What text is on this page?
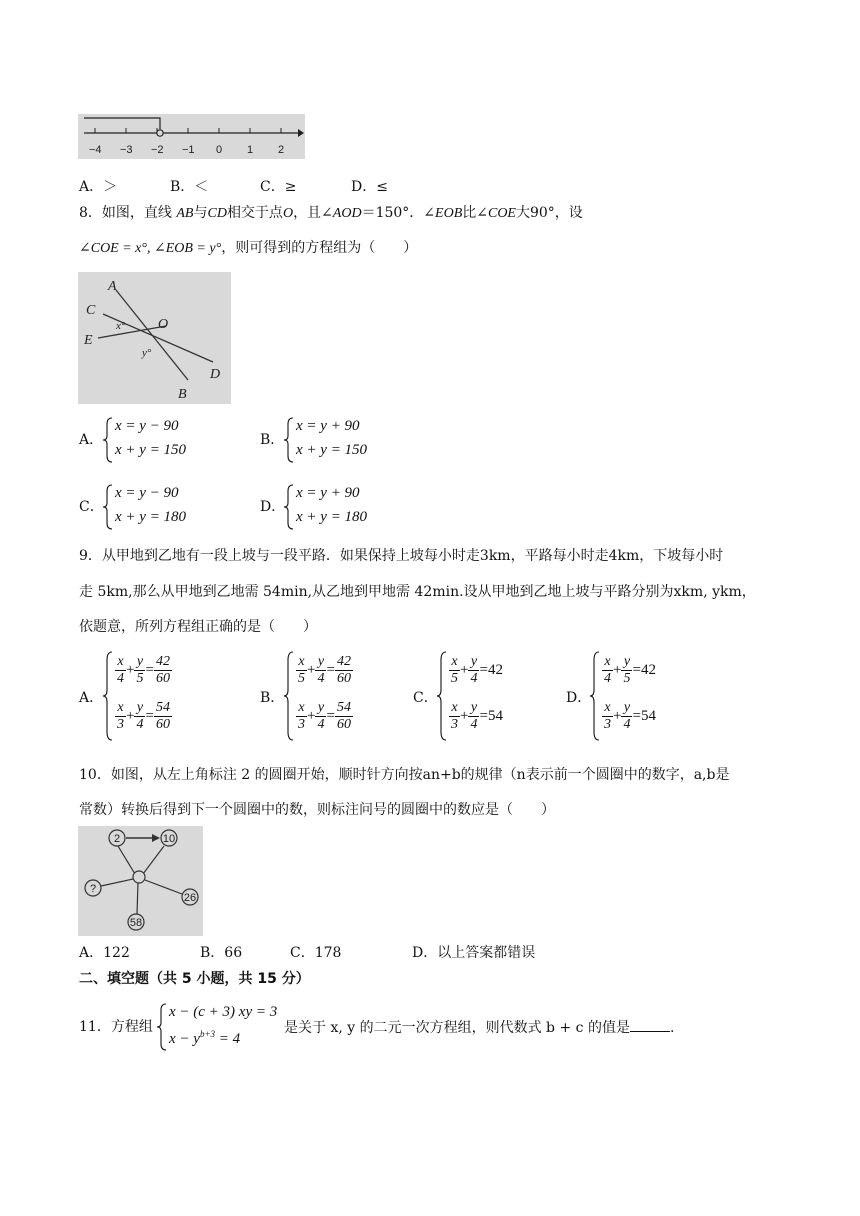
−4 −3 −2 −1 0 1 2
A．＞	B．＜	C．≥	D．≤
8．如图，直线 AB与CD相交于点O，且∠AOD＝150°．∠EOB比∠COE大90°，设
∠COE = x°, ∠EOB = y°，则可得到的方程组为（　　）
A
C
E
O
x°
y°
B
D
A．
x = y − 90
x + y = 150
B．
x = y + 90
x + y = 150
C．
x = y − 90
x + y = 180
D．
x = y + 90
x + y = 180
9．从甲地到乙地有一段上坡与一段平路．如果保持上坡每小时走3km，平路每小时走4km，下坡每小时
走 5km,那么从甲地到乙地需 54min,从乙地到甲地需 42min.设从甲地到乙地上坡与平路分别为xkm, ykm，
依题意，所列方程组正确的是（　　）
A．
$\frac{x}{4} + \frac{y}{5} = \frac{42}{60}$
$\frac{x}{3} + \frac{y}{4} = \frac{54}{60}$
B．
$\frac{x}{5} + \frac{y}{4} = \frac{42}{60}$
$\frac{x}{3} + \frac{y}{4} = \frac{54}{60}$
C．
$\frac{x}{5} + \frac{y}{4} =42$
$\frac{x}{3} + \frac{y}{4} =54$
D．
$\frac{x}{4} + \frac{y}{5} =42$
$\frac{x}{3} + \frac{y}{4} =54$
10．如图，从左上角标注 2 的圆圈开始，顺时针方向按an+b的规律（n表示前一个圆圈中的数字，a,b是
常数）转换后得到下一个圆圈中的数，则标注问号的圆圈中的数应是（　　）
2	10
?
26
58
A．122	B．66	C．178	D．以上答案都错误
二、填空题（共 5 小题，共 15 分）
11．方程组
x − (c + 3) xy = 3
$x - y^{b+3} = 4$
是关于 x, y 的二元一次方程组，则代数式 b + c 的值是	.
